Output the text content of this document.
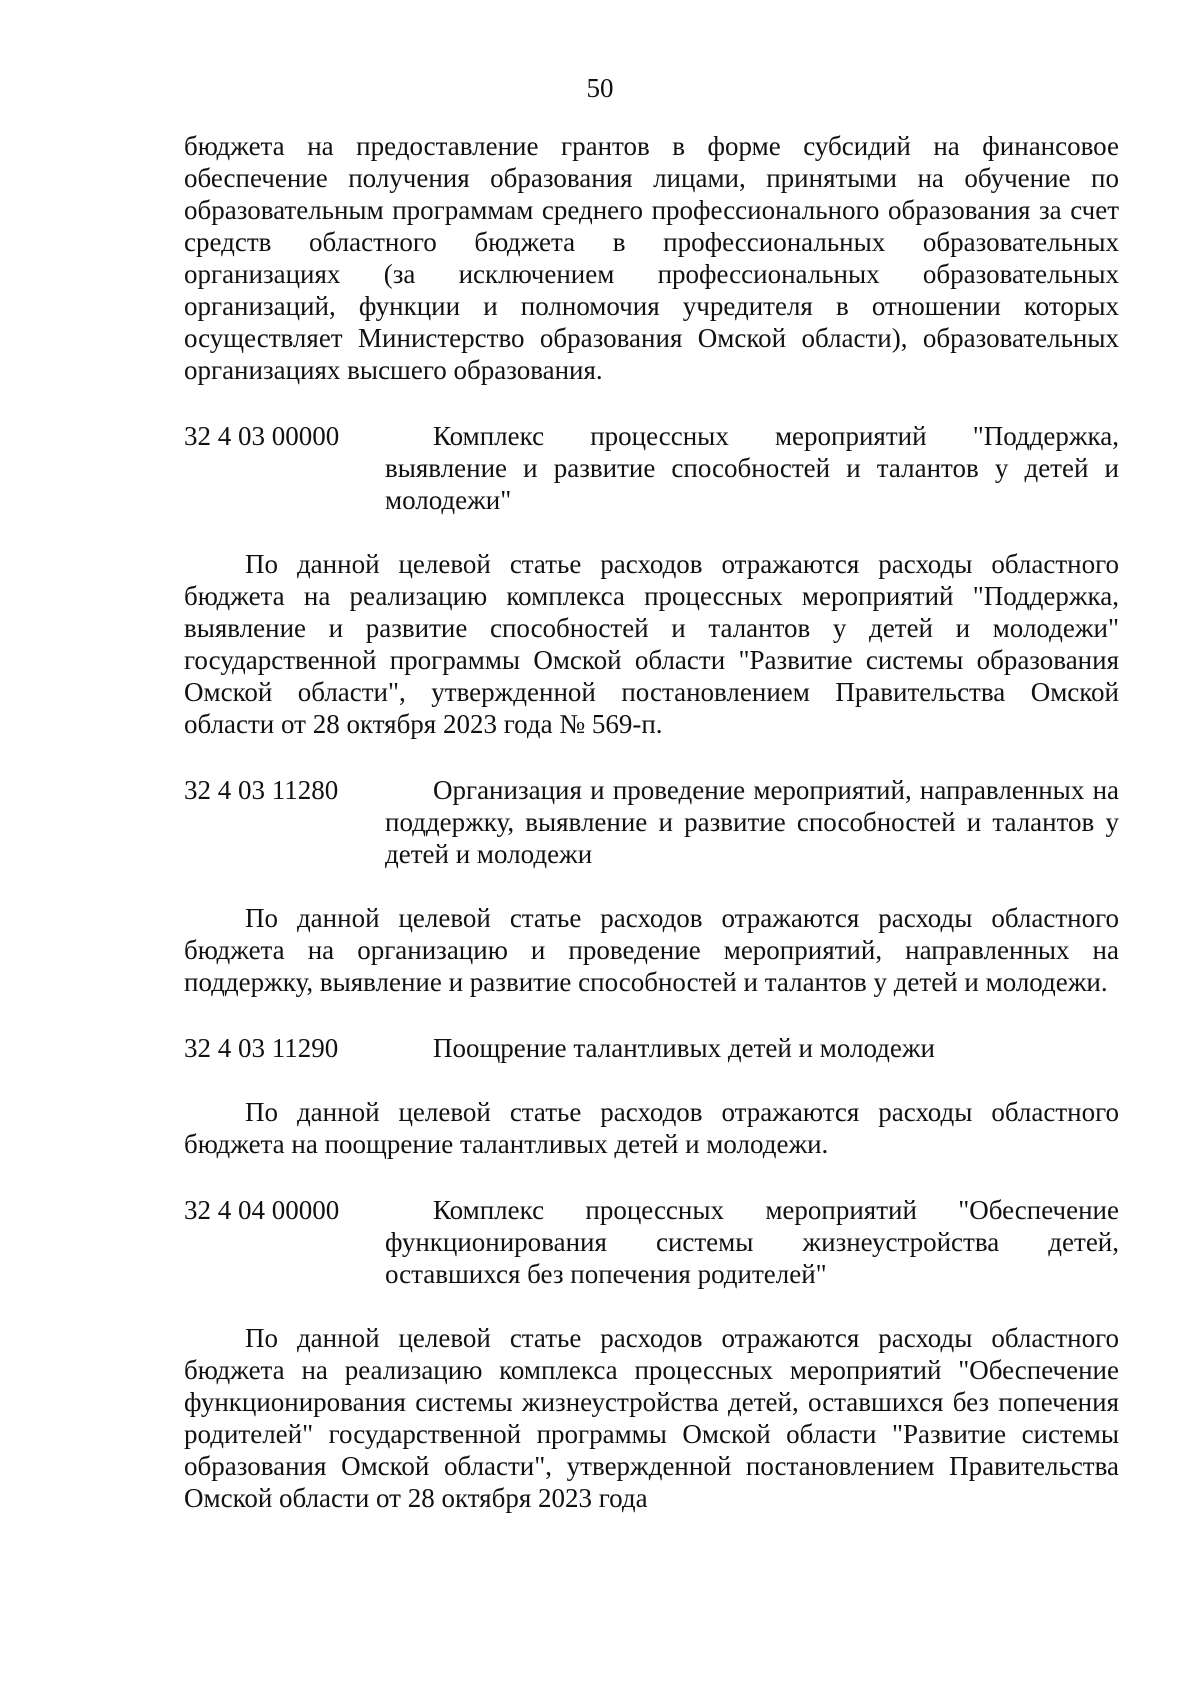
50

бюджета на предоставление грантов в форме субсидий на финансовое обеспечение получения образования лицами, принятыми на обучение по образовательным программам среднего профессионального образования за счет средств областного бюджета в профессиональных образовательных организациях (за исключением профессиональных образовательных организаций, функции и полномочия учредителя в отношении которых осуществляет Министерство образования Омской области), образовательных организациях высшего образования.

32 4 03 00000	Комплекс процессных мероприятий "Поддержка, выявление и развитие способностей и талантов у детей и молодежи"

По данной целевой статье расходов отражаются расходы областного бюджета на реализацию комплекса процессных мероприятий "Поддержка, выявление и развитие способностей и талантов у детей и молодежи" государственной программы Омской области "Развитие системы образования Омской области", утвержденной постановлением Правительства Омской области от 28 октября 2023 года № 569-п.

32 4 03 11280	Организация и проведение мероприятий, направленных на поддержку, выявление и развитие способностей и талантов у детей и молодежи

По данной целевой статье расходов отражаются расходы областного бюджета на организацию и проведение мероприятий, направленных на поддержку, выявление и развитие способностей и талантов у детей и молодежи.

32 4 03 11290	Поощрение талантливых детей и молодежи

По данной целевой статье расходов отражаются расходы областного бюджета на поощрение талантливых детей и молодежи.

32 4 04 00000	Комплекс процессных мероприятий "Обеспечение функционирования системы жизнеустройства детей, оставшихся без попечения родителей"

По данной целевой статье расходов отражаются расходы областного бюджета на реализацию комплекса процессных мероприятий "Обеспечение функционирования системы жизнеустройства детей, оставшихся без попечения родителей" государственной программы Омской области "Развитие системы образования Омской области", утвержденной постановлением Правительства Омской области от 28 октября 2023 года
